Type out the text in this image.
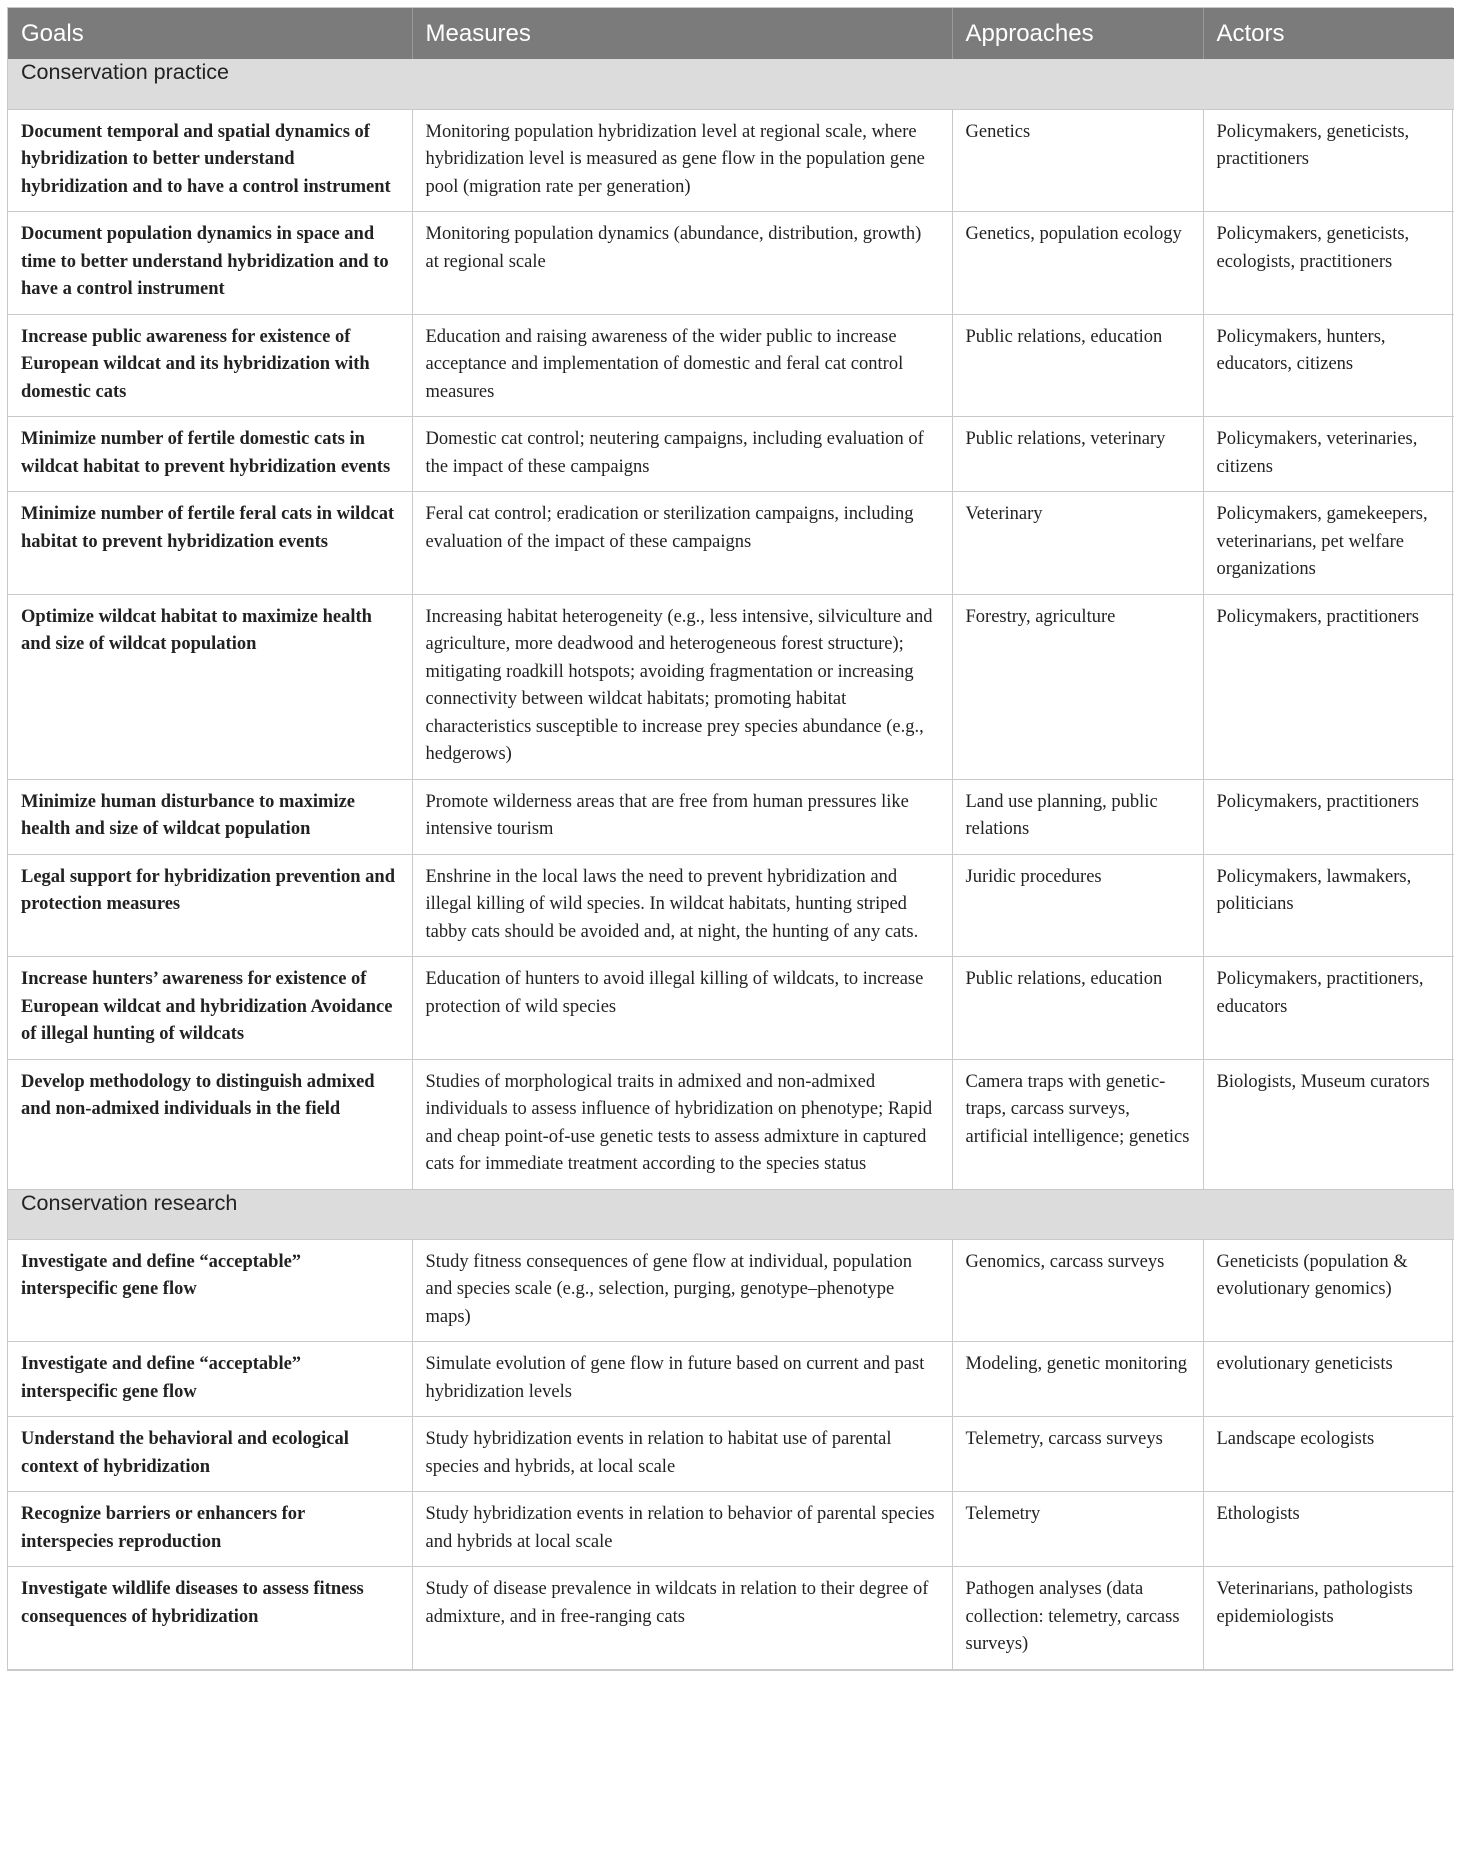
Goals	Measures	Approaches	Actors
Conservation practice			
Document temporal and spatial dynamics of hybridization to better understand hybridization and to have a control instrument	Monitoring population hybridization level at regional scale, where hybridization level is measured as gene flow in the population gene pool (migration rate per generation)	Genetics	Policymakers, geneticists, practitioners
Document population dynamics in space and time to better understand hybridization and to have a control instrument	Monitoring population dynamics (abundance, distribution, growth) at regional scale	Genetics, population ecology	Policymakers, geneticists, ecologists, practitioners
Increase public awareness for existence of European wildcat and its hybridization with domestic cats	Education and raising awareness of the wider public to increase acceptance and implementation of domestic and feral cat control measures	Public relations, education	Policymakers, hunters, educators, citizens
Minimize number of fertile domestic cats in wildcat habitat to prevent hybridization events	Domestic cat control; neutering campaigns, including evaluation of the impact of these campaigns	Public relations, veterinary	Policymakers, veterinaries, citizens
Minimize number of fertile feral cats in wildcat habitat to prevent hybridization events	Feral cat control; eradication or sterilization campaigns, including evaluation of the impact of these campaigns	Veterinary	Policymakers, gamekeepers, veterinarians, pet welfare organizations
Optimize wildcat habitat to maximize health and size of wildcat population	Increasing habitat heterogeneity (e.g., less intensive, silviculture and agriculture, more deadwood and heterogeneous forest structure); mitigating roadkill hotspots; avoiding fragmentation or increasing connectivity between wildcat habitats; promoting habitat characteristics susceptible to increase prey species abundance (e.g., hedgerows)	Forestry, agriculture	Policymakers, practitioners
Minimize human disturbance to maximize health and size of wildcat population	Promote wilderness areas that are free from human pressures like intensive tourism	Land use planning, public relations	Policymakers, practitioners
Legal support for hybridization prevention and protection measures	Enshrine in the local laws the need to prevent hybridization and illegal killing of wild species. In wildcat habitats, hunting striped tabby cats should be avoided and, at night, the hunting of any cats.	Juridic procedures	Policymakers, lawmakers, politicians
Increase hunters’ awareness for existence of European wildcat and hybridization Avoidance of illegal hunting of wildcats	Education of hunters to avoid illegal killing of wildcats, to increase protection of wild species	Public relations, education	Policymakers, practitioners, educators
Develop methodology to distinguish admixed and non-admixed individuals in the field	Studies of morphological traits in admixed and non-admixed individuals to assess influence of hybridization on phenotype; Rapid and cheap point-of-use genetic tests to assess admixture in captured cats for immediate treatment according to the species status	Camera traps with genetic-traps, carcass surveys, artificial intelligence; genetics	Biologists, Museum curators
Conservation research			
Investigate and define “acceptable” interspecific gene flow	Study fitness consequences of gene flow at individual, population and species scale (e.g., selection, purging, genotype–phenotype maps)	Genomics, carcass surveys	Geneticists (population & evolutionary genomics)
Investigate and define “acceptable” interspecific gene flow	Simulate evolution of gene flow in future based on current and past hybridization levels	Modeling, genetic monitoring	evolutionary geneticists
Understand the behavioral and ecological context of hybridization	Study hybridization events in relation to habitat use of parental species and hybrids, at local scale	Telemetry, carcass surveys	Landscape ecologists
Recognize barriers or enhancers for interspecies reproduction	Study hybridization events in relation to behavior of parental species and hybrids at local scale	Telemetry	Ethologists
Investigate wildlife diseases to assess fitness consequences of hybridization	Study of disease prevalence in wildcats in relation to their degree of admixture, and in free-ranging cats	Pathogen analyses (data collection: telemetry, carcass surveys)	Veterinarians, pathologists epidemiologists
